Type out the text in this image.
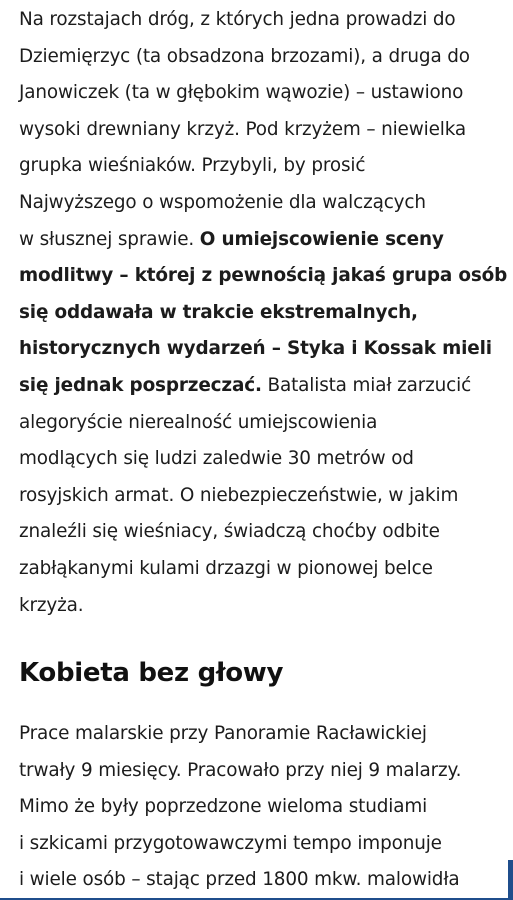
Na rozstajach dróg, z których jedna prowadzi do
Dziemięrzyc (ta obsadzona brzozami), a druga do
Janowiczek (ta w głębokim wąwozie) – ustawiono
wysoki drewniany krzyż. Pod krzyżem – niewielka
grupka wieśniaków. Przybyli, by prosić
Najwyższego o wspomożenie dla walczących
w słusznej sprawie. O umiejscowienie sceny
modlitwy – której z pewnością jakaś grupa osób
się oddawała w trakcie ekstremalnych,
historycznych wydarzeń – Styka i Kossak mieli
się jednak posprzeczać. Batalista miał zarzucić
alegoryście nierealność umiejscowienia
modlących się ludzi zaledwie 30 metrów od
rosyjskich armat. O niebezpieczeństwie, w jakim
znaleźli się wieśniacy, świadczą choćby odbite
zabłąkanymi kulami drzazgi w pionowej belce
krzyża.

Kobieta bez głowy

Prace malarskie przy Panoramie Racławickiej
trwały 9 miesięcy. Pracowało przy niej 9 malarzy.
Mimo że były poprzedzone wieloma studiami
i szkicami przygotowawczymi tempo imponuje
i wiele osób – stając przed 1800 mkw. malowidła
